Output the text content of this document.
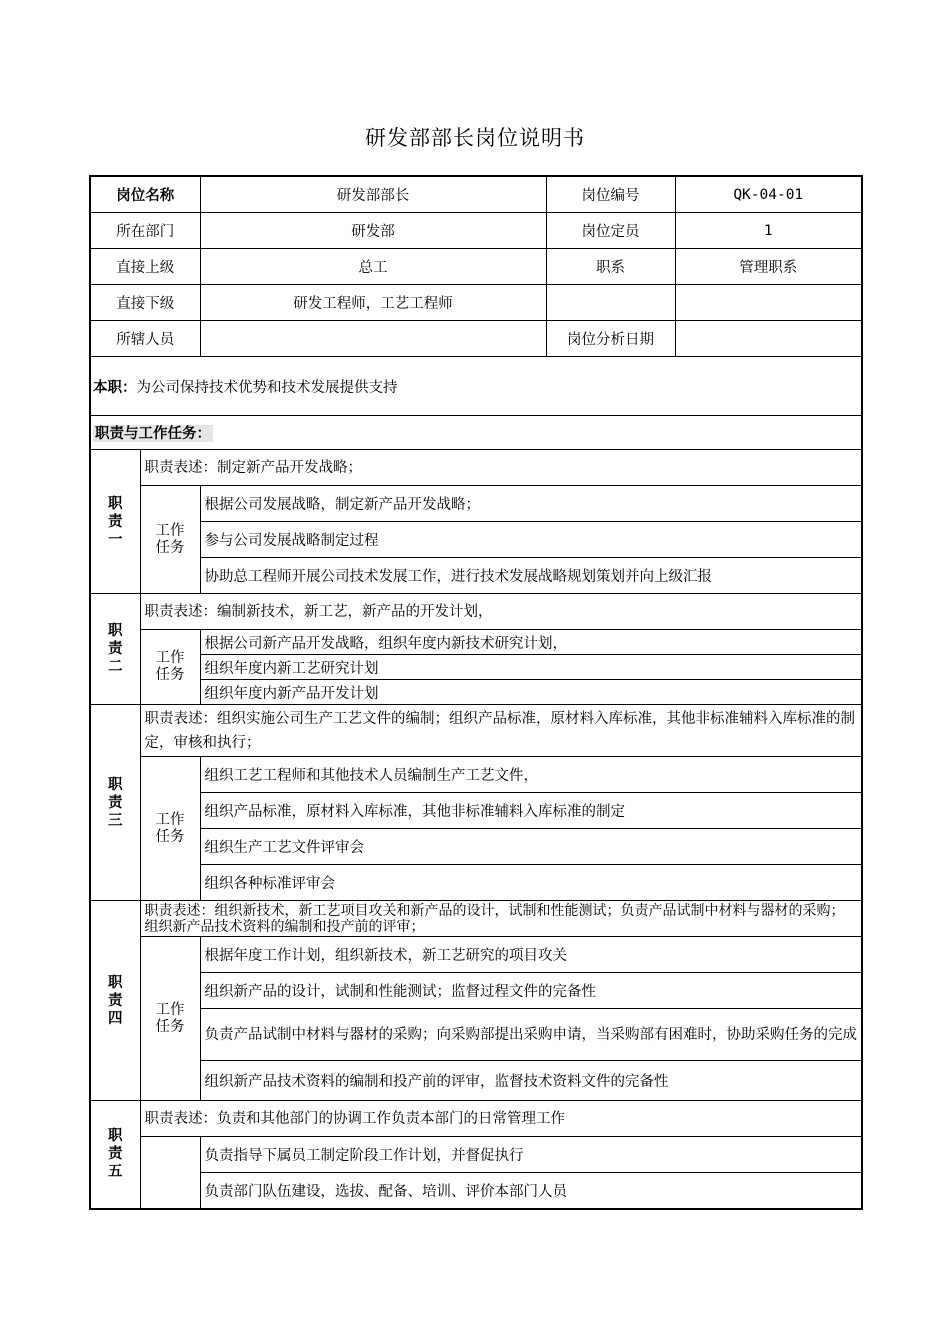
研发部部长岗位说明书
岗位名称		研发部部长	岗位编号	QK-04-01
所在部门		研发部	岗位定员	1
直接上级		总工	职系	管理职系
直接下级		研发工程师，工艺工程师		
所辖人员			岗位分析日期	
本职：为公司保持技术优势和技术发展提供支持				
职责与工作任务：				
职责一	职责表述：制定新产品开发战略；			
	工作任务	根据公司发展战略，制定新产品开发战略；		
		参与公司发展战略制定过程		
		协助总工程师开展公司技术发展工作，进行技术发展战略规划策划并向上级汇报		
职责二	职责表述：编制新技术，新工艺，新产品的开发计划，			
	工作任务	根据公司新产品开发战略，组织年度内新技术研究计划，		
		组织年度内新工艺研究计划		
		组织年度内新产品开发计划		
职责三	职责表述：组织实施公司生产工艺文件的编制；组织产品标准，原材料入库标准，其他非标准辅料入库标准的制定，审核和执行；			
	工作任务	组织工艺工程师和其他技术人员编制生产工艺文件，		
		组织产品标准，原材料入库标准，其他非标准辅料入库标准的制定		
		组织生产工艺文件评审会		
		组织各种标准评审会		
职责四	职责表述：组织新技术，新工艺项目攻关和新产品的设计，试制和性能测试；负责产品试制中材料与器材的采购；组织新产品技术资料的编制和投产前的评审；			
	工作任务	根据年度工作计划，组织新技术，新工艺研究的项目攻关		
		组织新产品的设计，试制和性能测试；监督过程文件的完备性		
		负责产品试制中材料与器材的采购；向采购部提出采购申请，当采购部有困难时，协助采购任务的完成		
		组织新产品技术资料的编制和投产前的评审，监督技术资料文件的完备性		
职责五	职责表述：负责和其他部门的协调工作负责本部门的日常管理工作			
		负责指导下属员工制定阶段工作计划，并督促执行		
		负责部门队伍建设，选拔、配备、培训、评价本部门人员		
